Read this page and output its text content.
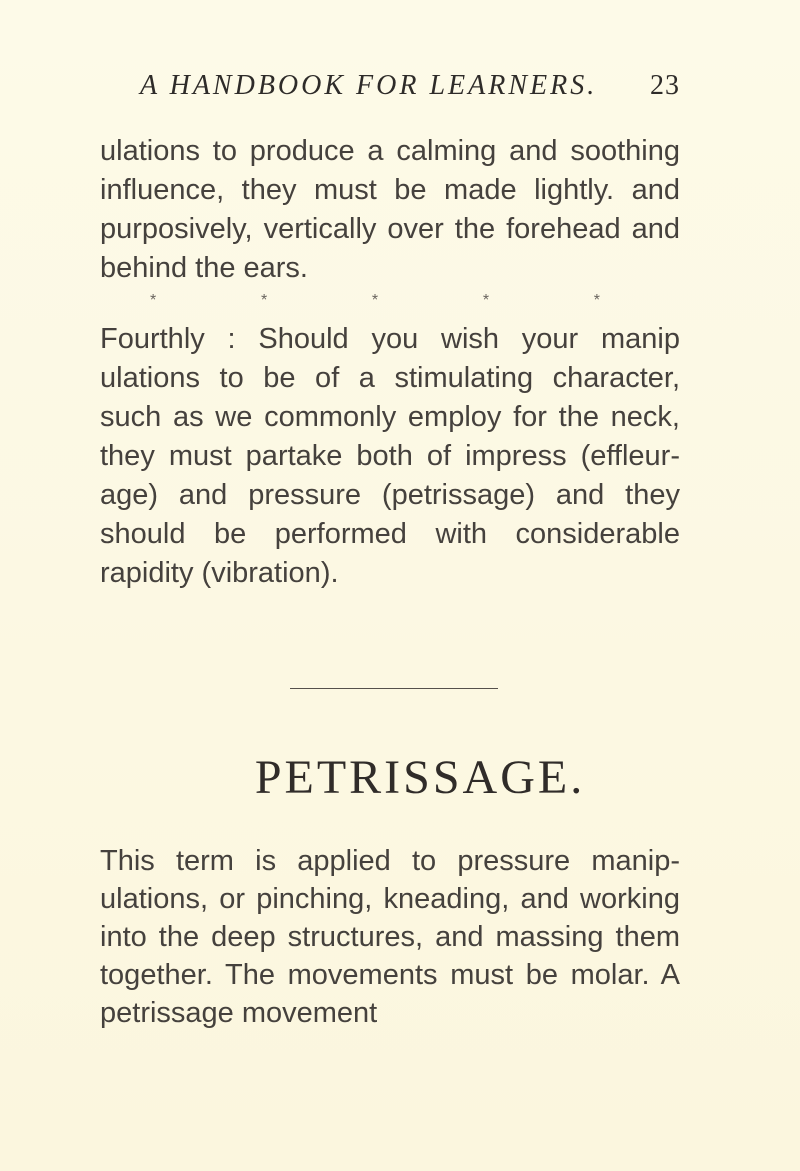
A HANDBOOK FOR LEARNERS. 23

ulations to produce a calming and soothing influence, they must be made lightly. and purposively, vertically over the forehead and behind the ears.

*	*	*	*	*

Fourthly : Should you wish your manip ulations to be of a stimulating character, such as we commonly employ for the neck, they must partake both of impress (effleur-age) and pressure (petrissage) and they should be performed with considerable rapidity (vibration).

PETRISSAGE.

This term is applied to pressure manip-ulations, or pinching, kneading, and working into the deep structures, and massing them together. The movements must be molar. A petrissage movement
